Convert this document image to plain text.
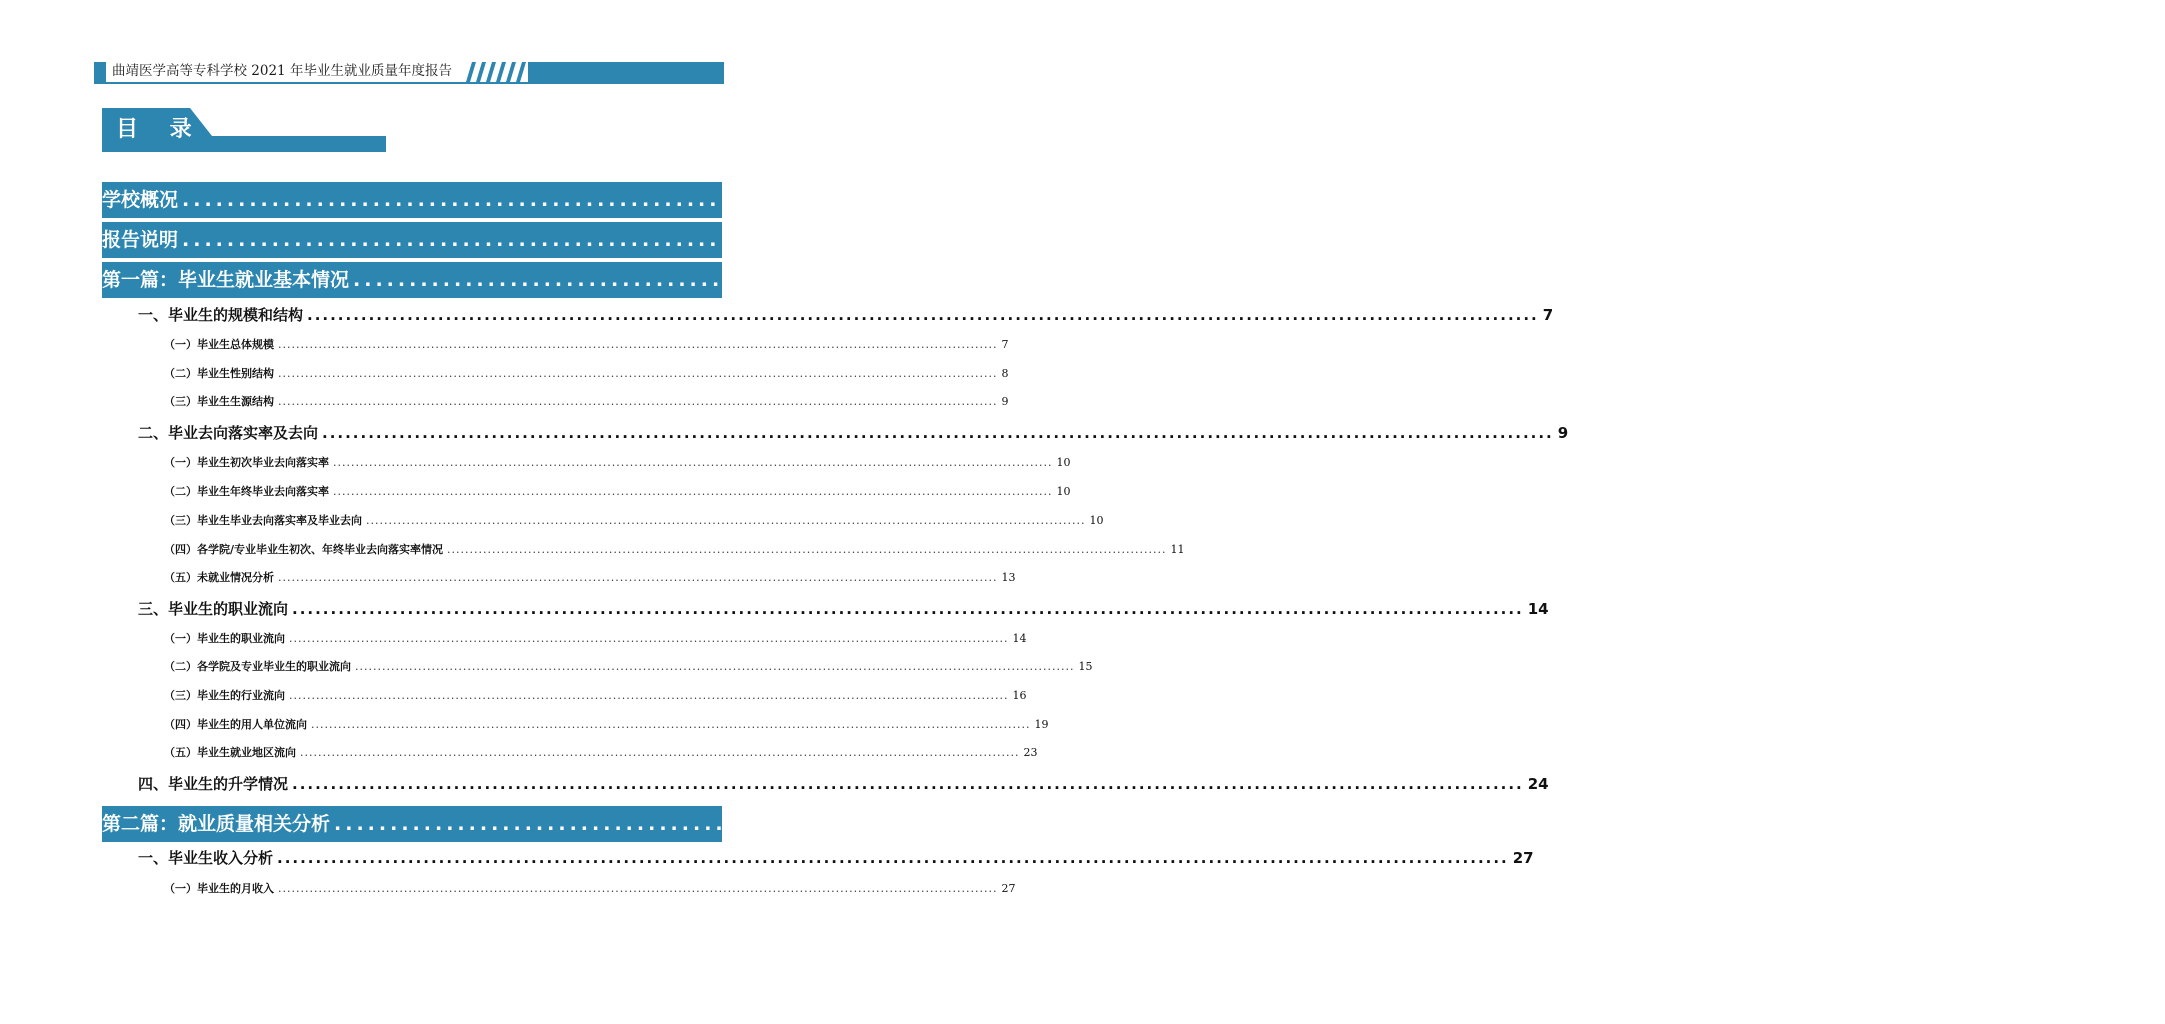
曲靖医学高等专科学校 2021 年毕业生就业质量年度报告
目 录
学校概况 ................................................................................................................................................................ 1
报告说明 ................................................................................................................................................................ 6
第一篇：毕业生就业基本情况 ................................................................................................................................................................ 7
一、毕业生的规模和结构 ................................................................................................................................................................ 7
（一）毕业生总体规模 ................................................................................................................................................................ 7
（二）毕业生性别结构 ................................................................................................................................................................ 8
（三）毕业生生源结构 ................................................................................................................................................................ 9
二、毕业去向落实率及去向 ................................................................................................................................................................ 9
（一）毕业生初次毕业去向落实率 ................................................................................................................................................................ 10
（二）毕业生年终毕业去向落实率 ................................................................................................................................................................ 10
（三）毕业生毕业去向落实率及毕业去向 ................................................................................................................................................................ 10
（四）各学院/专业毕业生初次、年终毕业去向落实率情况 ................................................................................................................................................................ 11
（五）未就业情况分析 ................................................................................................................................................................ 13
三、毕业生的职业流向 ................................................................................................................................................................ 14
（一）毕业生的职业流向 ................................................................................................................................................................ 14
（二）各学院及专业毕业生的职业流向 ................................................................................................................................................................ 15
（三）毕业生的行业流向 ................................................................................................................................................................ 16
（四）毕业生的用人单位流向 ................................................................................................................................................................ 19
（五）毕业生就业地区流向 ................................................................................................................................................................ 23
四、毕业生的升学情况 ................................................................................................................................................................ 24
第二篇：就业质量相关分析 ................................................................................................................................................................ 27
一、毕业生收入分析 ................................................................................................................................................................ 27
（一）毕业生的月收入 ................................................................................................................................................................ 27
